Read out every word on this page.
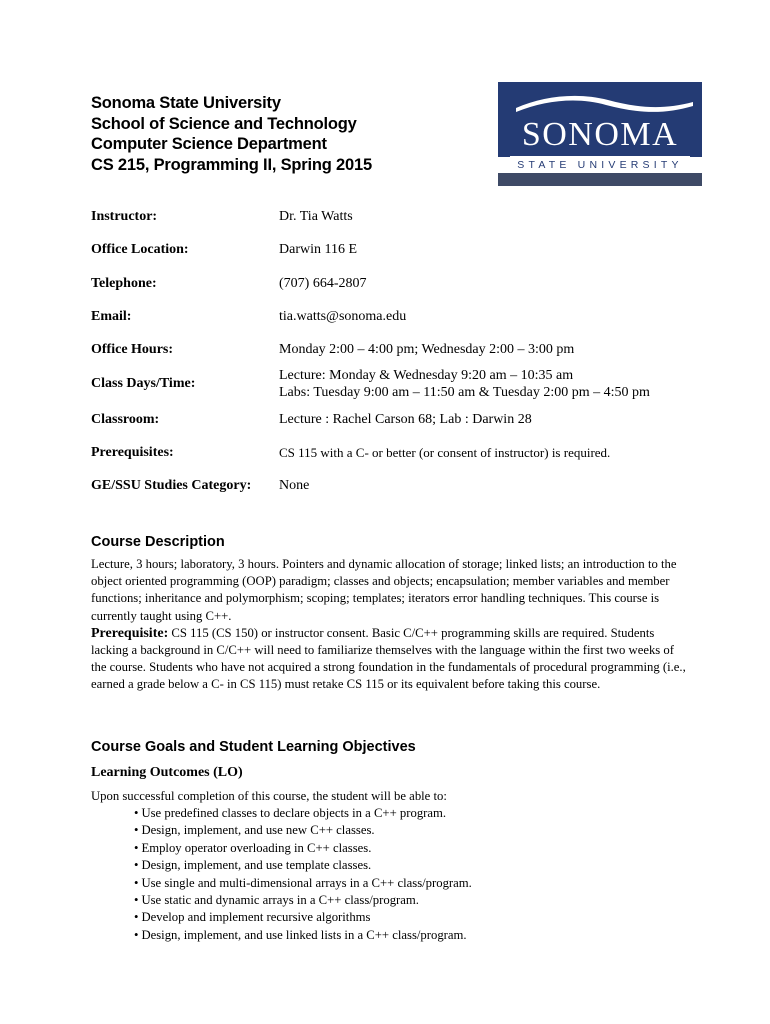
Sonoma State University
School of Science and Technology
Computer Science Department
CS 215, Programming II, Spring 2015
SONOMA
STATE UNIVERSITY
Instructor:	Dr. Tia Watts
Office Location:	Darwin 116 E
Telephone:	(707) 664-2807
Email:	tia.watts@sonoma.edu
Office Hours:	Monday 2:00 – 4:00 pm; Wednesday 2:00 – 3:00 pm
Class Days/Time:
Lecture: Monday & Wednesday 9:20 am – 10:35 am
Labs: Tuesday 9:00 am – 11:50 am & Tuesday 2:00 pm – 4:50 pm
Classroom:	Lecture : Rachel Carson 68; Lab : Darwin 28
Prerequisites:	CS 115 with a C- or better (or consent of instructor) is required.
GE/SSU Studies Category: None
Course Description
Lecture, 3 hours; laboratory, 3 hours. Pointers and dynamic allocation of storage; linked lists; an introduction to the object oriented programming (OOP) paradigm; classes and objects; encapsulation; member variables and member functions; inheritance and polymorphism; scoping; templates; iterators error handling techniques. This course is currently taught using C++.
Prerequisite: CS 115 (CS 150) or instructor consent. Basic C/C++ programming skills are required. Students lacking a background in C/C++ will need to familiarize themselves with the language within the first two weeks of the course. Students who have not acquired a strong foundation in the fundamentals of procedural programming (i.e., earned a grade below a C- in CS 115) must retake CS 115 or its equivalent before taking this course.
Course Goals and Student Learning Objectives
Learning Outcomes (LO)
Upon successful completion of this course, the student will be able to:
• Use predefined classes to declare objects in a C++ program.
• Design, implement, and use new C++ classes.
• Employ operator overloading in C++ classes.
• Design, implement, and use template classes.
• Use single and multi-dimensional arrays in a C++ class/program.
• Use static and dynamic arrays in a C++ class/program.
• Develop and implement recursive algorithms
• Design, implement, and use linked lists in a C++ class/program.
